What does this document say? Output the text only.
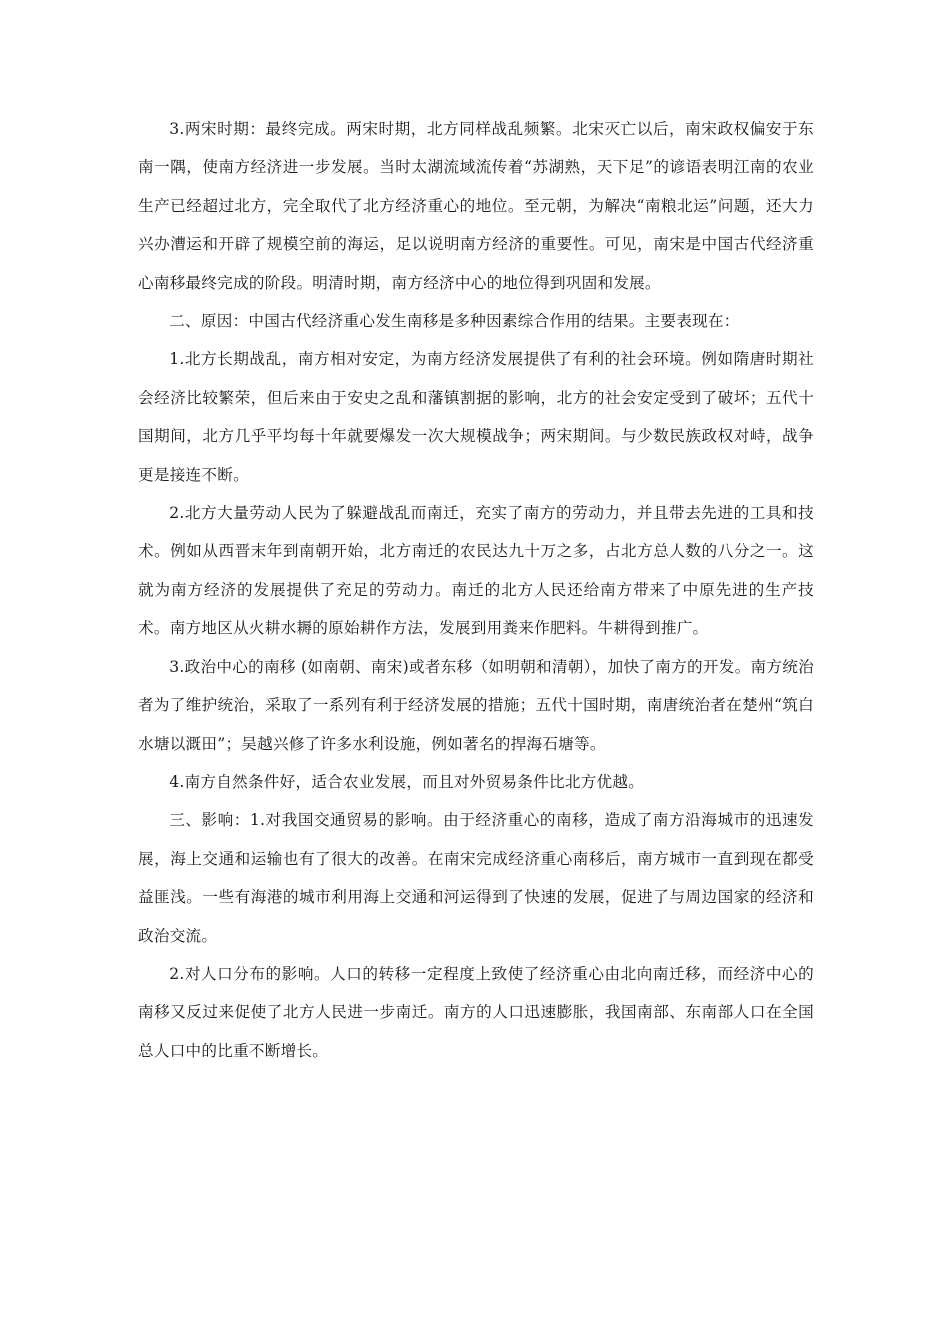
3.两宋时期：最终完成。两宋时期，北方同样战乱频繁。北宋灭亡以后，南宋政权偏安于东南一隅，使南方经济进一步发展。当时太湖流域流传着“苏湖熟，天下足”的谚语表明江南的农业生产已经超过北方，完全取代了北方经济重心的地位。至元朝，为解决“南粮北运”问题，还大力兴办漕运和开辟了规模空前的海运，足以说明南方经济的重要性。可见，南宋是中国古代经济重心南移最终完成的阶段。明清时期，南方经济中心的地位得到巩固和发展。

二、原因：中国古代经济重心发生南移是多种因素综合作用的结果。主要表现在：

1.北方长期战乱，南方相对安定，为南方经济发展提供了有利的社会环境。例如隋唐时期社会经济比较繁荣，但后来由于安史之乱和藩镇割据的影响，北方的社会安定受到了破坏；五代十国期间，北方几乎平均每十年就要爆发一次大规模战争；两宋期间。与少数民族政权对峙，战争更是接连不断。

2.北方大量劳动人民为了躲避战乱而南迁，充实了南方的劳动力，并且带去先进的工具和技术。例如从西晋末年到南朝开始，北方南迁的农民达九十万之多，占北方总人数的八分之一。这就为南方经济的发展提供了充足的劳动力。南迁的北方人民还给南方带来了中原先进的生产技术。南方地区从火耕水耨的原始耕作方法，发展到用粪来作肥料。牛耕得到推广。

3.政治中心的南移 (如南朝、南宋)或者东移（如明朝和清朝），加快了南方的开发。南方统治者为了维护统治，采取了一系列有利于经济发展的措施；五代十国时期，南唐统治者在楚州“筑白水塘以溉田”；吴越兴修了许多水利设施，例如著名的捍海石塘等。

4.南方自然条件好，适合农业发展，而且对外贸易条件比北方优越。

三、影响：1.对我国交通贸易的影响。由于经济重心的南移，造成了南方沿海城市的迅速发展，海上交通和运输也有了很大的改善。在南宋完成经济重心南移后，南方城市一直到现在都受益匪浅。一些有海港的城市利用海上交通和河运得到了快速的发展，促进了与周边国家的经济和政治交流。

2.对人口分布的影响。人口的转移一定程度上致使了经济重心由北向南迁移，而经济中心的南移又反过来促使了北方人民进一步南迁。南方的人口迅速膨胀，我国南部、东南部人口在全国总人口中的比重不断增长。
